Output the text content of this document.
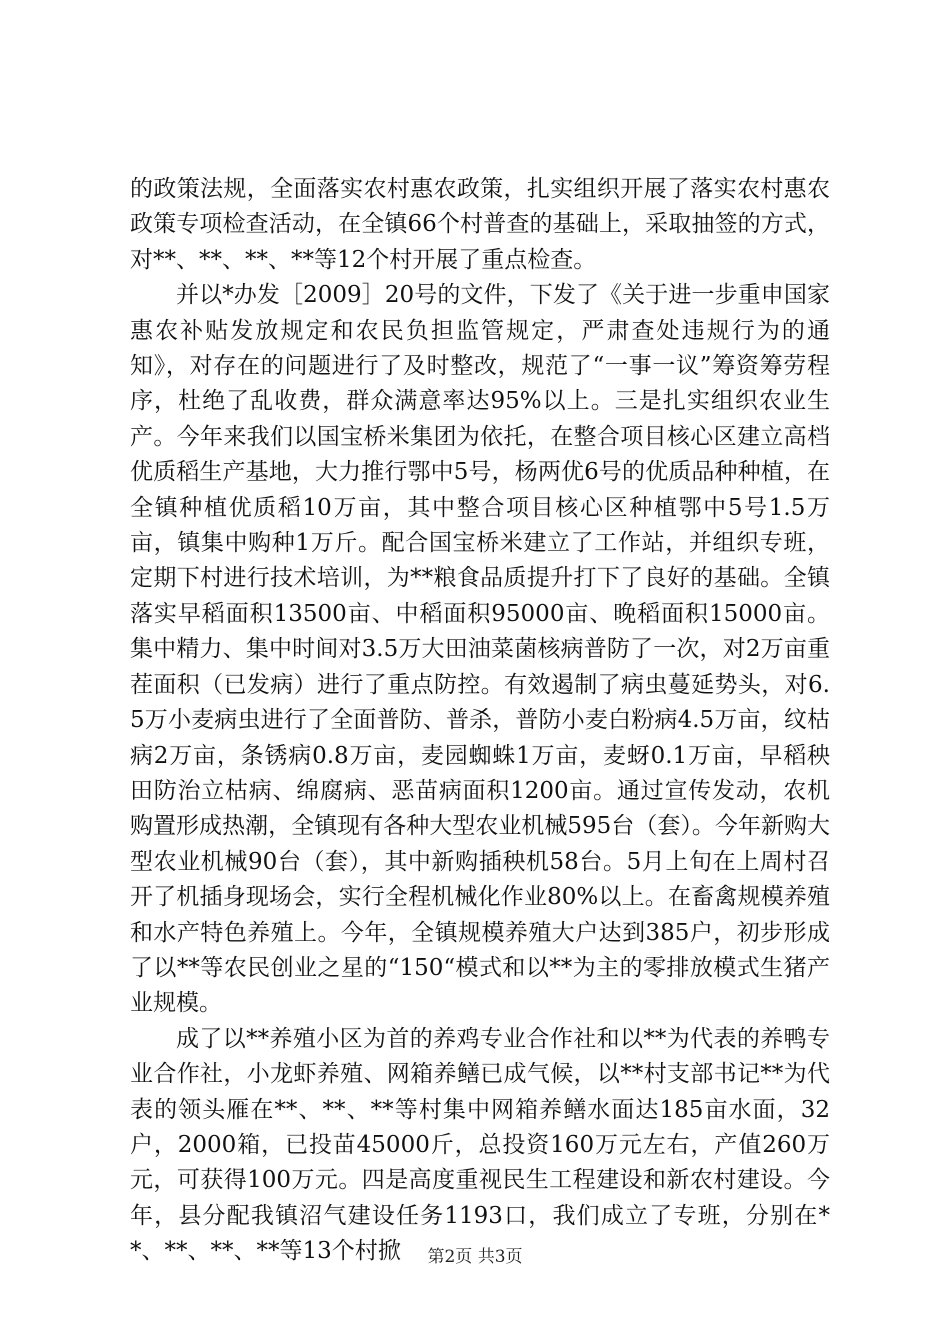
的政策法规，全面落实农村惠农政策，扎实组织开展了落实农村惠农政策专项检查活动，在全镇66个村普查的基础上，采取抽签的方式，对**、**、**、**等12个村开展了重点检查。

并以*办发［2009］20号的文件，下发了《关于进一步重申国家惠农补贴发放规定和农民负担监管规定，严肃查处违规行为的通知》，对存在的问题进行了及时整改，规范了“一事一议”筹资筹劳程序，杜绝了乱收费，群众满意率达95%以上。三是扎实组织农业生产。今年来我们以国宝桥米集团为依托，在整合项目核心区建立高档优质稻生产基地，大力推行鄂中5号，杨两优6号的优质品种种植，在全镇种植优质稻10万亩，其中整合项目核心区种植鄂中5号1.5万亩，镇集中购种1万斤。配合国宝桥米建立了工作站，并组织专班，定期下村进行技术培训，为**粮食品质提升打下了良好的基础。全镇落实早稻面积13500亩、中稻面积95000亩、晚稻面积15000亩。集中精力、集中时间对3.5万大田油菜菌核病普防了一次，对2万亩重茬面积（已发病）进行了重点防控。有效遏制了病虫蔓延势头，对6.5万小麦病虫进行了全面普防、普杀，普防小麦白粉病4.5万亩，纹枯病2万亩，条锈病0.8万亩，麦园蜘蛛1万亩，麦蚜0.1万亩，早稻秧田防治立枯病、绵腐病、恶苗病面积1200亩。通过宣传发动，农机购置形成热潮，全镇现有各种大型农业机械595台（套）。今年新购大型农业机械90台（套），其中新购插秧机58台。5月上旬在上周村召开了机插身现场会，实行全程机械化作业80%以上。在畜禽规模养殖和水产特色养殖上。今年，全镇规模养殖大户达到385户，初步形成了以**等农民创业之星的“150“模式和以**为主的零排放模式生猪产业规模。

成了以**养殖小区为首的养鸡专业合作社和以**为代表的养鸭专业合作社，小龙虾养殖、网箱养鳝已成气候，以**村支部书记**为代表的领头雁在**、**、**等村集中网箱养鳝水面达185亩水面，32户，2000箱，已投苗45000斤，总投资160万元左右，产值260万元，可获得100万元。四是高度重视民生工程建设和新农村建设。今年，县分配我镇沼气建设任务1193口，我们成立了专班，分别在**、**、**、**等13个村掀	第2页 共3页
